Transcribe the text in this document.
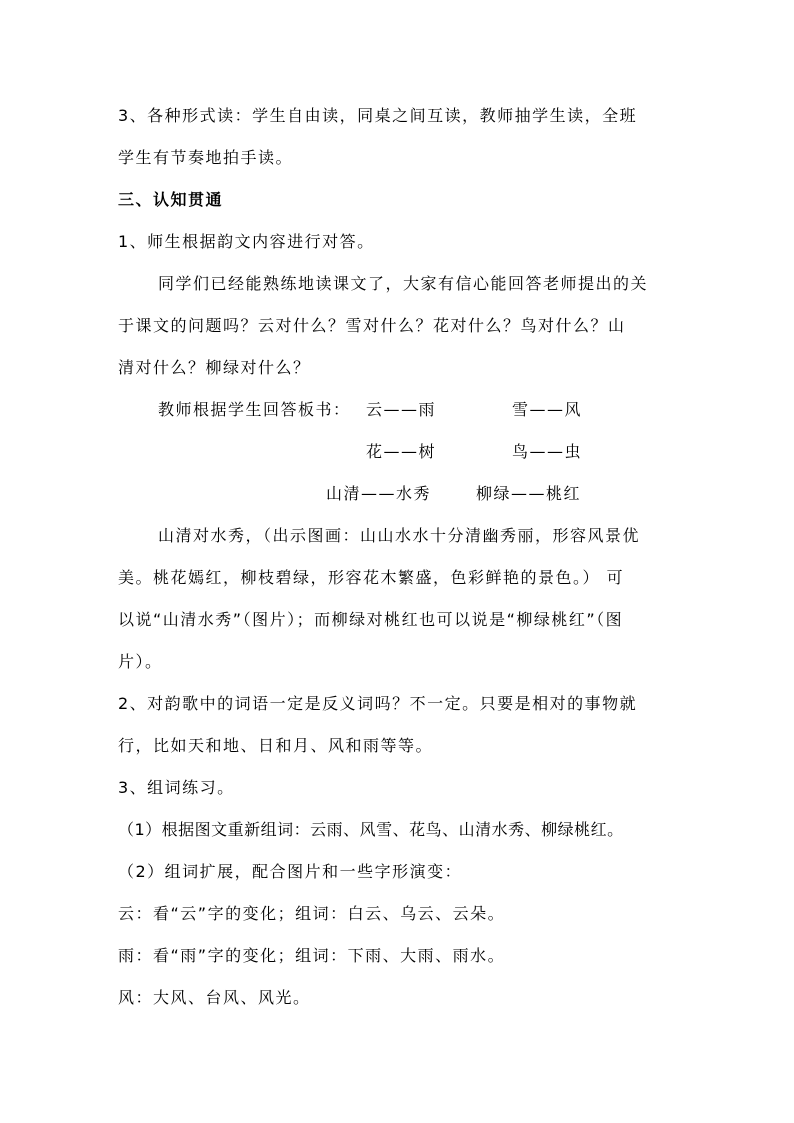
3、各种形式读：学生自由读，同桌之间互读，教师抽学生读，全班
学生有节奏地拍手读。
三、认知贯通
1、师生根据韵文内容进行对答。
同学们已经能熟练地读课文了，大家有信心能回答老师提出的关
于课文的问题吗？云对什么？雪对什么？花对什么？鸟对什么？山
清对什么？柳绿对什么？
教师根据学生回答板书： 云——雨	雪——风
花——树	鸟——虫
山清——水秀	柳绿——桃红
山清对水秀，（出示图画：山山水水十分清幽秀丽，形容风景优
美。桃花嫣红，柳枝碧绿，形容花木繁盛，色彩鲜艳的景色。） 可
以说“山清水秀”（图片）；而柳绿对桃红也可以说是“柳绿桃红”（图
片）。
2、对韵歌中的词语一定是反义词吗？不一定。只要是相对的事物就
行，比如天和地、日和月、风和雨等等。
3、组词练习。
（1）根据图文重新组词：云雨、风雪、花鸟、山清水秀、柳绿桃红。
（2）组词扩展，配合图片和一些字形演变：
云：看“云”字的变化；组词：白云、乌云、云朵。
雨：看“雨”字的变化；组词：下雨、大雨、雨水。
风：大风、台风、风光。
